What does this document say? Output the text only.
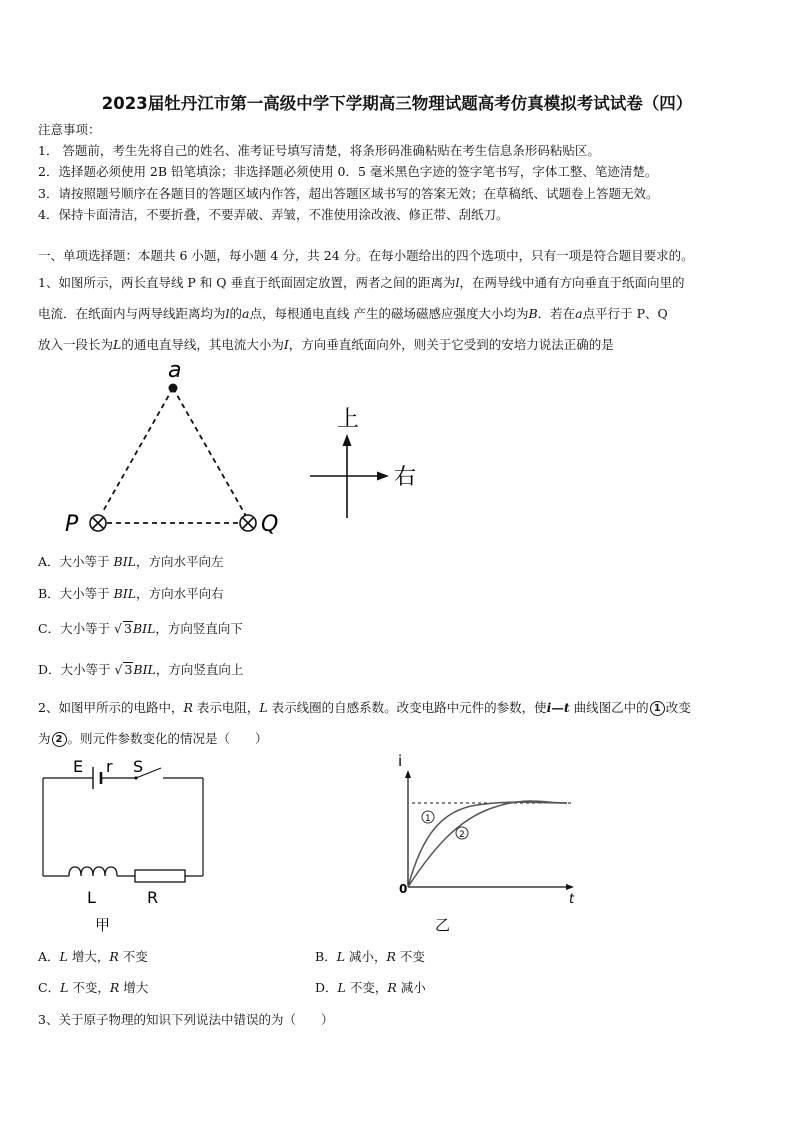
2023届牡丹江市第一高级中学下学期高三物理试题高考仿真模拟考试试卷（四）
注意事项：
1． 答题前，考生先将自己的姓名、准考证号填写清楚，将条形码准确粘贴在考生信息条形码粘贴区。
2．选择题必须使用 2B 铅笔填涂；非选择题必须使用 0．5 毫米黑色字迹的签字笔书写，字体工整、笔迹清楚。
3．请按照题号顺序在各题目的答题区域内作答，超出答题区域书写的答案无效；在草稿纸、试题卷上答题无效。
4．保持卡面清洁，不要折叠，不要弄破、弄皱，不准使用涂改液、修正带、刮纸刀。
一、单项选择题：本题共 6 小题，每小题 4 分，共 24 分。在每小题给出的四个选项中，只有一项是符合题目要求的。
1、如图所示，两长直导线 P 和 Q 垂直于纸面固定放置，两者之间的距离为l，在两导线中通有方向垂直于纸面向里的
电流．在纸面内与两导线距离均为l的a点，每根通电直线 产生的磁场磁感应强度大小均为B．若在a点平行于 P、Q
放入一段长为L的通电直导线，其电流大小为I，方向垂直纸面向外，则关于它受到的安培力说法正确的是
a
P	Q
上
右
A．大小等于 BIL，方向水平向左
B．大小等于 BIL，方向水平向右
C．大小等于 √ 3BIL，方向竖直向下
D．大小等于 √ 3BIL，方向竖直向上
2、如图甲所示的电路中，R 表示电阻，L 表示线圈的自感系数。改变电路中元件的参数，使i—t 曲线图乙中的 1 改变
为 2 。则元件参数变化的情况是（　　）
E r S
L	R
甲
i
t
0
1
2
乙
A．L 增大，R 不变	B．L 减小，R 不变
C．L 不变，R 增大	D．L 不变，R 减小
3、关于原子物理的知识下列说法中错误的为（　　）
